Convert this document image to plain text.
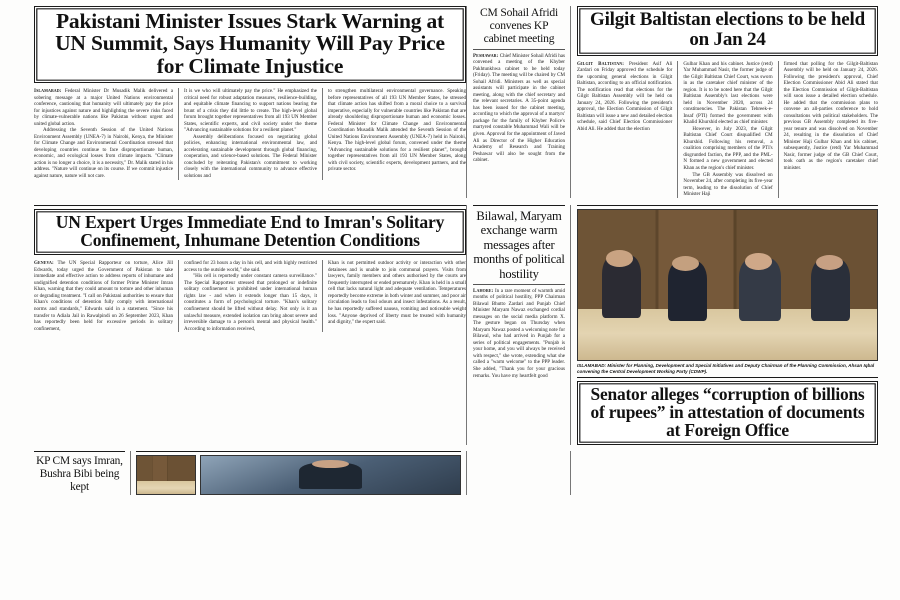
Pakistani Minister Issues Stark Warning at UN Summit, Says Humanity Will Pay Price for Climate Injustice

Islamabad: Federal Minister Dr Musadik Malik delivered a sobering message at a major United Nations environmental conference, cautioning that humanity will ultimately pay the price for injustices against nature and highlighting the severe risks faced by climate-vulnerable nations like Pakistan without urgent and united global action.

Addressing the Seventh Session of the United Nations Environment Assembly (UNEA-7) in Nairobi, Kenya, the Minister for Climate Change and Environmental Coordination stressed that developing countries continue to face disproportionate human, economic, and ecological losses from climate impacts. "Climate action is no longer a choice, it is a necessity," Dr. Malik stated in his address. "Nature will continue on its course. If we commit injustice against nature, nature will not care.

It is we who will ultimately pay the price." He emphasized the critical need for robust adaptation measures, resilience-building, and equitable climate financing to support nations bearing the brunt of a crisis they did little to create. The high-level global forum brought together representatives from all 193 UN Member States, scientific experts, and civil society under the theme "Advancing sustainable solutions for a resilient planet."

Assembly deliberations focused on negotiating global policies, enhancing international environmental law, and accelerating sustainable development through global financing, cooperation, and science-based solutions. The Federal Minister concluded by reiterating Pakistan's commitment to working closely with the international community to advance effective solutions and

to strengthen multilateral environmental governance. Speaking before representatives of all 193 UN Member States, he stressed that climate action has shifted from a moral choice to a survival imperative, especially for vulnerable countries like Pakistan that are already shouldering disproportionate human and economic losses. Federal Minister for Climate Change and Environmental Coordination Musadik Malik attended the Seventh Session of the United Nations Environment Assembly (UNEA-7) held in Nairobi, Kenya. The high-level global forum, convened under the theme "Advancing sustainable solutions for a resilient planet", brought together representatives from all 193 UN Member States, along with civil society, scientific experts, development partners, and the private sector.

CM Sohail Afridi convenes KP cabinet meeting

Peshawar: Chief Minister Sohail Afridi has convened a meeting of the Khyber Pakhtunkhwa cabinet to be held today (Friday). The meeting will be chaired by CM Sohail Afridi. Ministers as well as special assistants will participate in the cabinet meeting, along with the chief secretary and the relevant secretaries. A 35-point agenda has been issued for the cabinet meeting, according to which the approval of a martyrs' package for the family of Khyber Police's martyred constable Muhammad Wali will be given. Approval for the appointment of Javed Ali as Director of the Higher Education Academy of Research and Training Peshawar will also be sought from the cabinet.

Gilgit Baltistan elections to be held on Jan 24

Gilgit Baltistan: President Asif Ali Zardari on Friday approved the schedule for the upcoming general elections in Gilgit Baltistan, according to an official notification. The notification read that elections for the Gilgit Baltistan Assembly will be held on January 24, 2026. Following the president's approval, the Election Commission of Gilgit Baltistan will issue a new and detailed election schedule, said Chief Election Commissioner Abid Ali. He added that the election

Gulbar Khan and his cabinet. Justice (retd) Yar Muhammad Nasir, the former judge of the Gilgit Baltistan Chief Court, was sworn in as the caretaker chief minister of the region. It is to be noted here that the Gilgit Baltistan Assembly's last elections were held in November 2020, across 24 constituencies. The Pakistan Tehreek-e-Insaf (PTI) formed the government with Khalid Khurshid elected as chief minister.

However, in July 2023, the Gilgit Baltistan Chief Court disqualified CM Khurshid. Following his removal, a coalition comprising members of the PTI's disgruntled faction, the PPP, and the PML-N formed a new government and elected Khan as the region's chief minister.

The GB Assembly was dissolved on November 24, after completing its five-year term, leading to the dissolution of Chief Minister Haji

firmed that polling for the Gilgit-Baltistan Assembly will be held on January 24, 2026. Following the president's approval, Chief Election Commissioner Abid Ali stated that the Election Commission of Gilgit-Baltistan will soon issue a detailed election schedule. He added that the commission plans to convene an all-parties conference to hold consultations with political stakeholders. The previous GB Assembly completed its five-year tenure and was dissolved on November 24, resulting in the dissolution of Chief Minister Haji Gulbar Khan and his cabinet, subsequently, Justice (retd) Yar Muhammad Nasir, former judge of the GB Chief Court, took oath as the region's caretaker chief minister.

UN Expert Urges Immediate End to Imran's Solitary Confinement, Inhumane Detention Conditions

Geneva: The UN Special Rapporteur on torture, Alice Jill Edwards, today urged the Government of Pakistan to take immediate and effective action to address reports of inhumane and undignified detention conditions of former Prime Minister Imran Khan, warning that they could amount to torture and other inhuman or degrading treatment. "I call on Pakistani authorities to ensure that Khan's conditions of detention fully comply with international norms and standards," Edwards said in a statement. "Since his transfer to Adiala Jail in Rawalpindi on 26 September 2023, Khan has reportedly been held for excessive periods in solitary confinement,

confined for 23 hours a day in his cell, and with highly restricted access to the outside world," she said.

"His cell is reportedly under constant camera surveillance." The Special Rapporteur stressed that prolonged or indefinite solitary confinement is prohibited under international human rights law - and when it extends longer than 15 days, it constitutes a form of psychological torture. "Khan's solitary confinement should be lifted without delay. Not only is it an unlawful measure, extended isolation can bring about severe and irreversible damage to a person's mental and physical health." According to information received,

Khan is not permitted outdoor activity or interaction with other detainees and is unable to join communal prayers. Visits from lawyers, family members and others authorised by the courts are frequently interrupted or ended prematurely. Khan is held in a small cell that lacks natural light and adequate ventilation. Temperatures reportedly become extreme in both winter and summer, and poor air circulation leads to foul odours and insect infestations. As a result, he has reportedly suffered nausea, vomiting and noticeable weight loss. "Anyone deprived of liberty must be treated with humanity and dignity," the expert said.

Bilawal, Maryam exchange warm messages after months of political hostility

Lahore: In a rare moment of warmth amid months of political hostility, PPP Chairman Bilawal Bhutto Zardari and Punjab Chief Minister Maryam Nawaz exchanged cordial messages on the social media platform X. The gesture began on Thursday when Maryam Nawaz posted a welcoming note for Bilawal, who had arrived in Punjab for a series of political engagements. "Punjab is your home, and you will always be received with respect," she wrote, extending what she called a "warm welcome" to the PPP leader. She added, "Thank you for your gracious remarks. You have my heartfelt good

ISLAMABAD: Minister for Planning, Development and Special Initiatives and Deputy Chairman of the Planning Commission, Ahsan Iqbal convening the Central Development Working Party (CDWP).
Senator alleges “corruption of billions of rupees” in attestation of documents at Foreign Office
KP CM says Imran, Bushra Bibi being kept
